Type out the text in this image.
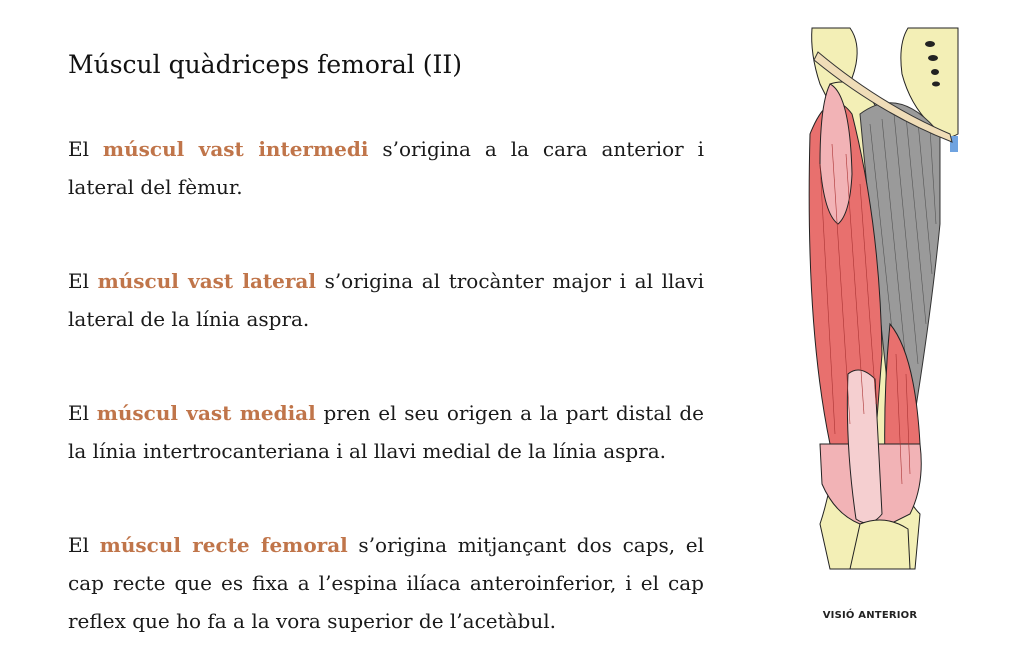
Múscul quàdriceps femoral (II)

El múscul vast intermedi s’origina a la cara anterior i lateral del fèmur.

El múscul vast lateral s’origina al trocànter major i al llavi lateral de la línia aspra.

El múscul vast medial pren el seu origen a la part distal de la línia intertrocanteriana i al llavi medial de la línia aspra.

El múscul recte femoral s’origina mitjançant dos caps, el cap recte que es fixa a l’espina ilíaca anteroinferior, i el cap reflex que ho fa a la vora superior de l’acetàbul.	VISIÓ ANTERIOR
